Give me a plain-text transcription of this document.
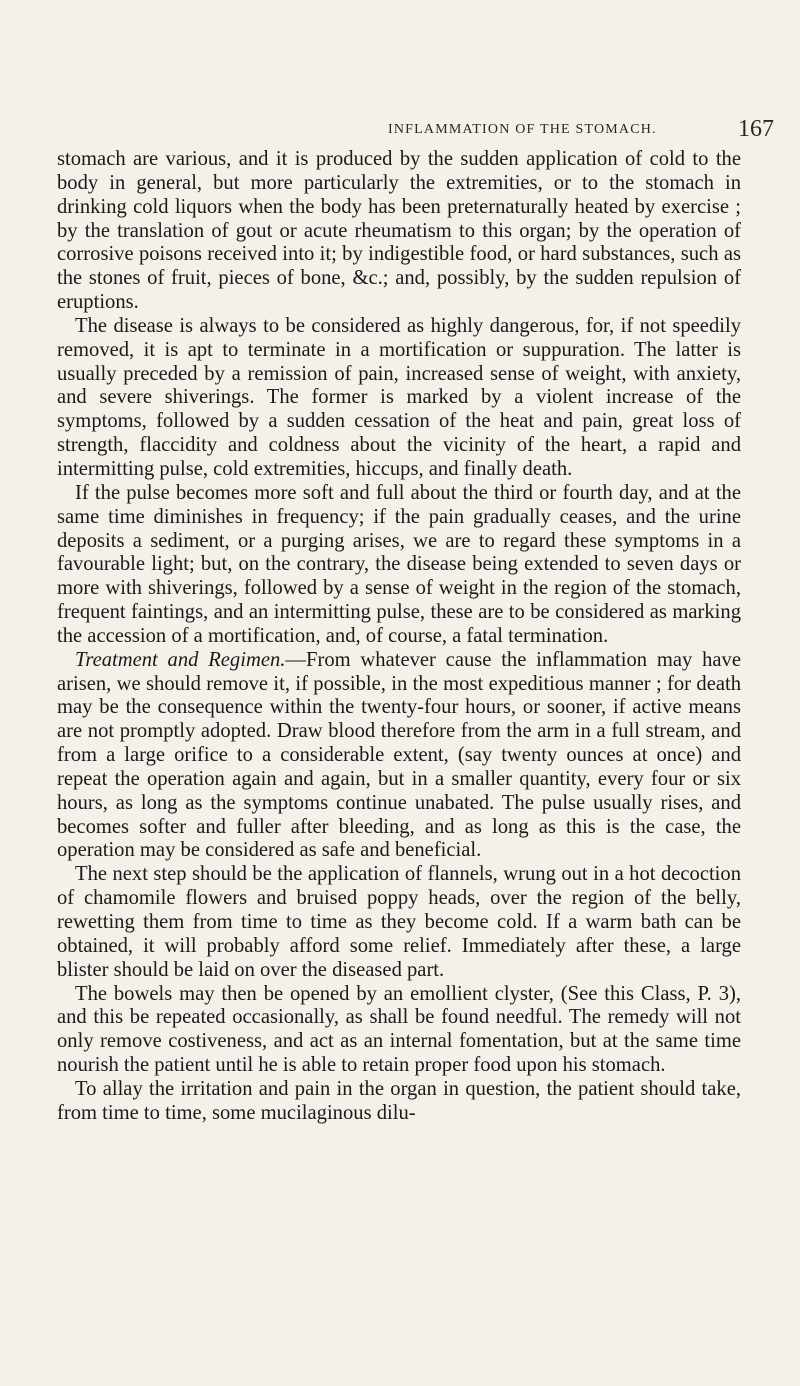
INFLAMMATION OF THE STOMACH.	167

stomach are various, and it is produced by the sudden application of cold to the body in general, but more particularly the extremities, or to the stomach in drinking cold liquors when the body has been preternaturally heated by exercise ; by the translation of gout or acute rheumatism to this organ; by the operation of corrosive poisons received into it; by indigestible food, or hard substances, such as the stones of fruit, pieces of bone, &c.; and, possibly, by the sudden repulsion of eruptions.

The disease is always to be considered as highly dangerous, for, if not speedily removed, it is apt to terminate in a mortification or suppuration. The latter is usually preceded by a remission of pain, increased sense of weight, with anxiety, and severe shiverings. The former is marked by a violent increase of the symptoms, followed by a sudden cessation of the heat and pain, great loss of strength, flaccidity and coldness about the vicinity of the heart, a rapid and intermitting pulse, cold extremities, hiccups, and finally death.

If the pulse becomes more soft and full about the third or fourth day, and at the same time diminishes in frequency; if the pain gradually ceases, and the urine deposits a sediment, or a purging arises, we are to regard these symptoms in a favourable light; but, on the contrary, the disease being extended to seven days or more with shiverings, followed by a sense of weight in the region of the stomach, frequent faintings, and an intermitting pulse, these are to be considered as marking the accession of a mortification, and, of course, a fatal termination.

Treatment and Regimen.—From whatever cause the inflammation may have arisen, we should remove it, if possible, in the most expeditious manner ; for death may be the consequence within the twenty-four hours, or sooner, if active means are not promptly adopted. Draw blood therefore from the arm in a full stream, and from a large orifice to a considerable extent, (say twenty ounces at once) and repeat the operation again and again, but in a smaller quantity, every four or six hours, as long as the symptoms continue unabated. The pulse usually rises, and becomes softer and fuller after bleeding, and as long as this is the case, the operation may be considered as safe and beneficial.

The next step should be the application of flannels, wrung out in a hot decoction of chamomile flowers and bruised poppy heads, over the region of the belly, rewetting them from time to time as they become cold. If a warm bath can be obtained, it will probably afford some relief. Immediately after these, a large blister should be laid on over the diseased part.

The bowels may then be opened by an emollient clyster, (See this Class, P. 3), and this be repeated occasionally, as shall be found needful. The remedy will not only remove costiveness, and act as an internal fomentation, but at the same time nourish the patient until he is able to retain proper food upon his stomach.

To allay the irritation and pain in the organ in question, the patient should take, from time to time, some mucilaginous dilu-
